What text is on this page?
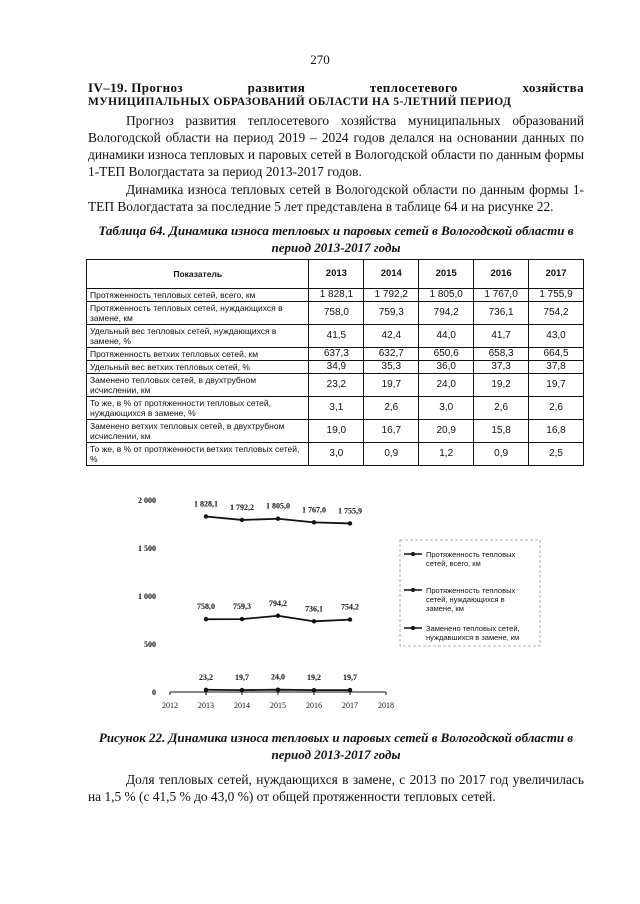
270
IV–19. Прогноз	развития	теплосетевого	хозяйства
МУНИЦИПАЛЬНЫХ ОБРАЗОВАНИЙ ОБЛАСТИ НА 5-ЛЕТНИЙ ПЕРИОД

Прогноз развития теплосетевого хозяйства муниципальных образований Вологодской области на период 2019 – 2024 годов делался на основании данных по динамики износа тепловых и паровых сетей в Вологодской области по данным формы 1-ТЕП Вологдастата за период 2013-2017 годов.

Динамика износа тепловых сетей в Вологодской области по данным формы 1-ТЕП Вологдастата за последние 5 лет представлена в таблице 64 и на рисунке 22.

Таблица 64. Динамика износа тепловых и паровых сетей в Вологодской области в период 2013-2017 годы
Показатель	2013	2014	2015	2016	2017
Протяженность тепловых сетей, всего, км	1 828,1	1 792,2	1 805,0	1 767,0	1 755,9
Протяженность тепловых сетей, нуждающихся в замене, км	758,0	759,3	794,2	736,1	754,2
Удельный вес тепловых сетей, нуждающихся в замене, %	41,5	42,4	44,0	41,7	43,0
Протяженность ветхих тепловых сетей, км	637,3	632,7	650,6	658,3	664,5
Удельный вес ветхих тепловых сетей, %	34,9	35,3	36,0	37,3	37,8
Заменено тепловых сетей, в двухтрубном исчислении, км	23,2	19,7	24,0	19,2	19,7
То же, в % от протяженности тепловых сетей, нуждающихся в замене, %	3,1	2,6	3,0	2,6	2,6
Заменено ветхих тепловых сетей, в двухтрубном исчислении, км	19,0	16,7	20,9	15,8	16,8
То же, в % от протяженности ветхих тепловых сетей, %	3,0	0,9	1,2	0,9	2,5
0
500
1 000
1 500
2 000
2012	2013	2014	2015	2016	2017	2018
1 828,1 1 792,2 1 805,0 1 767,0 1 755,9
758,0 759,3 794,2
736,1 754,2
23,2	19,7	24,0	19,2	19,7
Протяженность тепловых сетей, всего, км
Протяженность тепловых сетей, нуждающихся в замене, км
Заменено тепловых сетей, нуждавшихся в замене, км
Рисунок 22. Динамика износа тепловых и паровых сетей в Вологодской области в период 2013-2017 годы

Доля тепловых сетей, нуждающихся в замене, с 2013 по 2017 год увеличилась на 1,5 % (с 41,5 % до 43,0 %) от общей протяженности тепловых сетей.
